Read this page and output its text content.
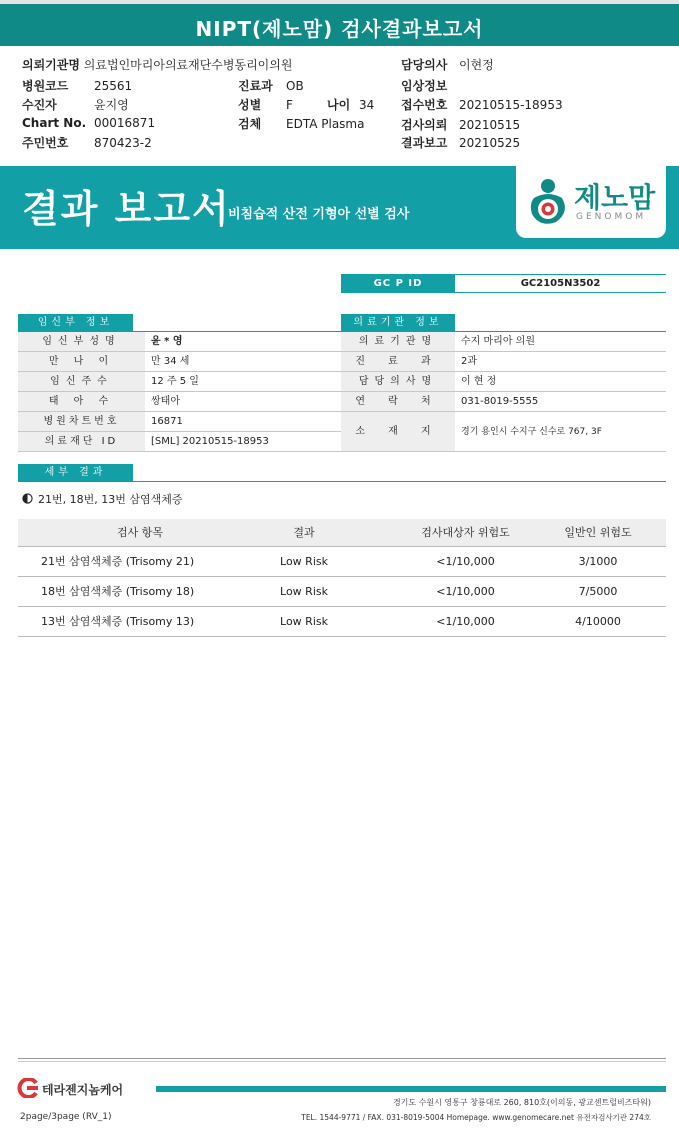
NIPT(제노맘) 검사결과보고서
의뢰기관명 의료법인마리아의료재단수병동리이의원
병원코드 25561	진료과 OB
수진자	윤지영	성별 F	나이 34
Chart No. 00016871	검체 EDTA Plasma
주민번호 870423-2
담당의사 이현정
임상정보
접수번호 20210515-18953
검사의뢰 20210515
결과보고 20210525
결과 보고서
비침습적 산전 기형아 선별 검사
제노맘
GENOMOM
GC P ID	GC2105N3502
임신부 정보
임신부성명	윤 * 영
만 나 이	만 34 세
임신주수	12 주 5 일
태 아 수	쌍태아
병원차트번호	16871
의료재단 ID	[SML] 20210515-18953
의료기관 정보
의료기관명	수지 마리아 의원
진 료 과	2과
담당의사명	이 현 정
연 락 처	031-8019-5555
소 재 지	경기 용인시 수지구 신수로 767, 3F
세부 결과
21번, 18번, 13번 삼염색체증
검사 항목	결과	검사대상자 위험도	일반인 위험도
21번 삼염색체증 (Trisomy 21)	Low Risk	<1/10,000	3/1000
18번 삼염색체증 (Trisomy 18)	Low Risk	<1/10,000	7/5000
13번 삼염색체증 (Trisomy 13)	Low Risk	<1/10,000	4/10000
테라젠지놈케어
경기도 수원시 영통구 창룡대로 260, 810호(이의동, 광교센트럴비즈타워)
TEL. 1544-9771 / FAX. 031-8019-5004 Homepage. www.genomecare.net 유전자검사기관 274호
2page/3page (RV_1)
